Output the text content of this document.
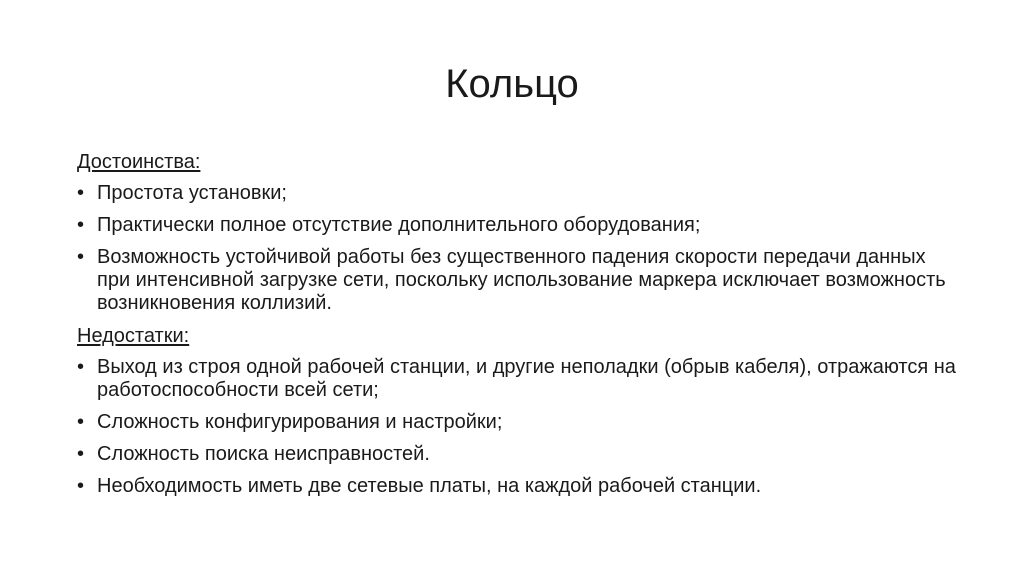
Кольцо
Достоинства:
• Простота установки;
• Практически полное отсутствие дополнительного оборудования;
• Возможность устойчивой работы без существенного падения скорости передачи данных при интенсивной загрузке сети, поскольку использование маркера исключает возможность возникновения коллизий.
Недостатки:
• Выход из строя одной рабочей станции, и другие неполадки (обрыв кабеля), отражаются на работоспособности всей сети;
• Сложность конфигурирования и настройки;
• Сложность поиска неисправностей.
• Необходимость иметь две сетевые платы, на каждой рабочей станции.
